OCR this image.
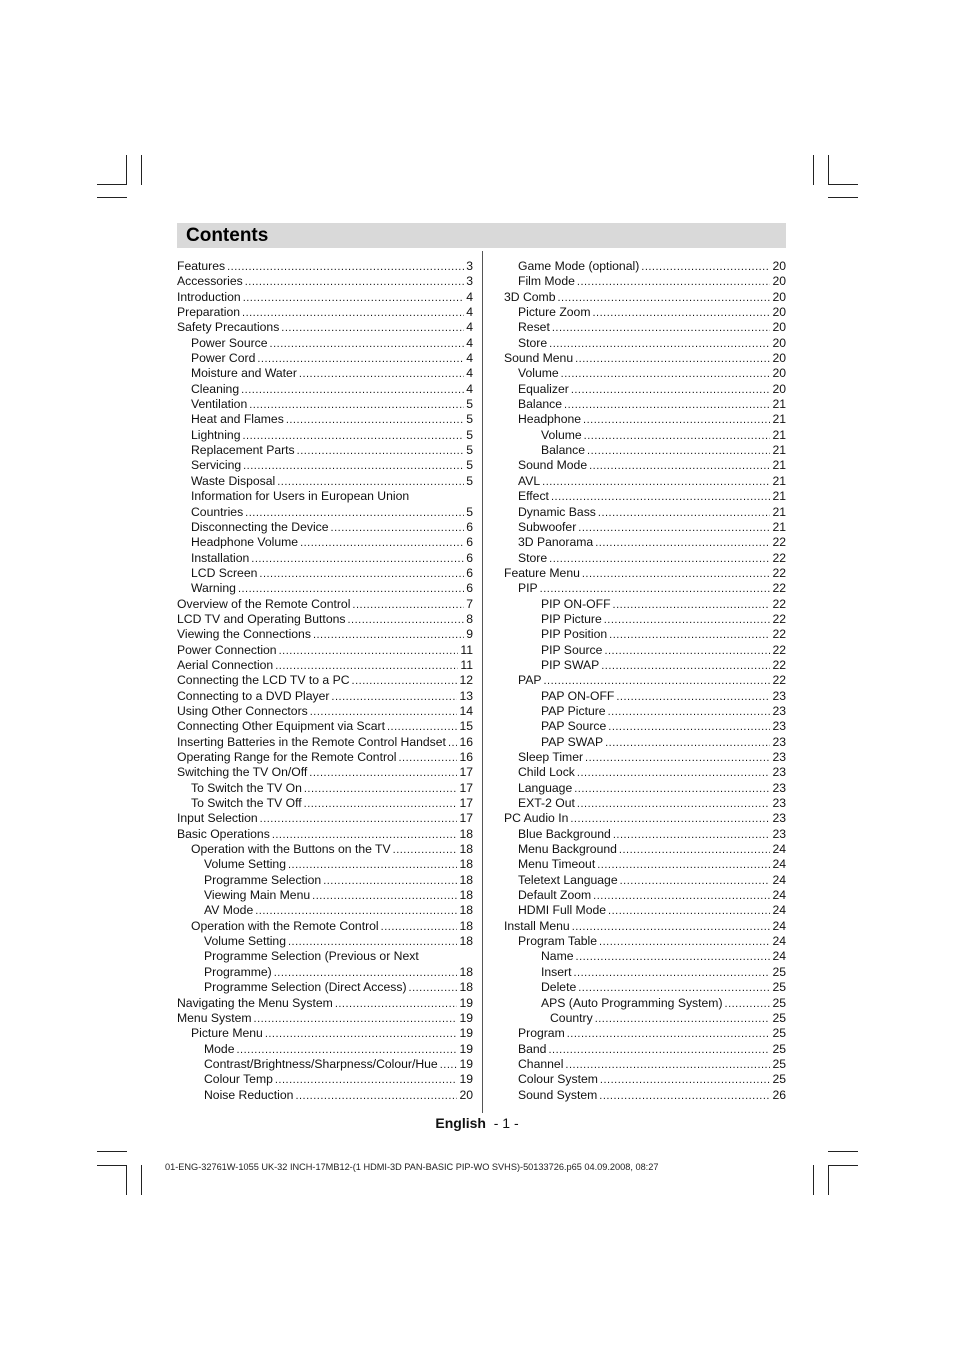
Contents
Features .....	3
Accessories .....	3
Introduction .....	4
Preparation .....	4
Safety Precautions .....	4
Power Source .....	4
Power Cord .....	4
Moisture and Water .....	4
Cleaning .....	4
Ventilation .....	5
Heat and Flames .....	5
Lightning .....	5
Replacement Parts .....	5
Servicing .....	5
Waste Disposal .....	5
Information for Users in European Union
Countries .....	5
Disconnecting the Device .....	6
Headphone Volume .....	6
Installation .....	6
LCD Screen .....	6
Warning .....	6
Overview of the Remote Control .....	7
LCD TV and Operating Buttons .....	8
Viewing the Connections .....	9
Power Connection .....	11
Aerial Connection .....	11
Connecting the LCD TV to a PC .....	12
Connecting to a DVD Player .....	13
Using Other Connectors .....	14
Connecting Other Equipment via Scart .....	15
Inserting Batteries in the Remote Control Handset ..... 16
Operating Range for the Remote Control .....	16
Switching the TV On/Off .....	17
To Switch the TV On .....	17
To Switch the TV Off .....	17
Input Selection .....	17
Basic Operations .....	18
Operation with the Buttons on the TV .....	18
Volume Setting .....	18
Programme Selection .....	18
Viewing Main Menu .....	18
AV Mode .....	18
Operation with the Remote Control .....	18
Volume Setting .....	18
Programme Selection (Previous or Next
Programme) .....	18
Programme Selection (Direct Access) .....	18
Navigating the Menu System .....	19
Menu System .....	19
Picture Menu .....	19
Mode .....	19
Contrast/Brightness/Sharpness/Colour/Hue ..... 19
Colour Temp .....	19
Noise Reduction .....	20
Game Mode (optional) .....	20
Film Mode .....	20
3D Comb .....	20
Picture Zoom .....	20
Reset .....	20
Store .....	20
Sound Menu .....	20
Volume .....	20
Equalizer .....	20
Balance .....	21
Headphone .....	21
Volume .....	21
Balance .....	21
Sound Mode .....	21
AVL .....	21
Effect .....	21
Dynamic Bass .....	21
Subwoofer .....	21
3D Panorama .....	22
Store .....	22
Feature Menu .....	22
PIP .....	22
PIP ON-OFF .....	22
PIP Picture .....	22
PIP Position .....	22
PIP Source .....	22
PIP SWAP .....	22
PAP .....	22
PAP ON-OFF .....	23
PAP Picture .....	23
PAP Source .....	23
PAP SWAP .....	23
Sleep Timer .....	23
Child Lock .....	23
Language .....	23
EXT-2 Out .....	23
PC Audio In .....	23
Blue Background .....	23
Menu Background .....	24
Menu Timeout .....	24
Teletext Language .....	24
Default Zoom .....	24
HDMI Full Mode .....	24
Install Menu .....	24
Program Table .....	24
Name .....	24
Insert .....	25
Delete .....	25
APS (Auto Programming System) .....	25
Country .....	25
Program .....	25
Band .....	25
Channel .....	25
Colour System .....	25
Sound System .....	26
English - 1 -
01-ENG-32761W-1055 UK-32 INCH-17MB12-(1 HDMI-3D PAN-BASIC PIP-WO SVHS)-50133726.p65 04.09.2008, 08:27
